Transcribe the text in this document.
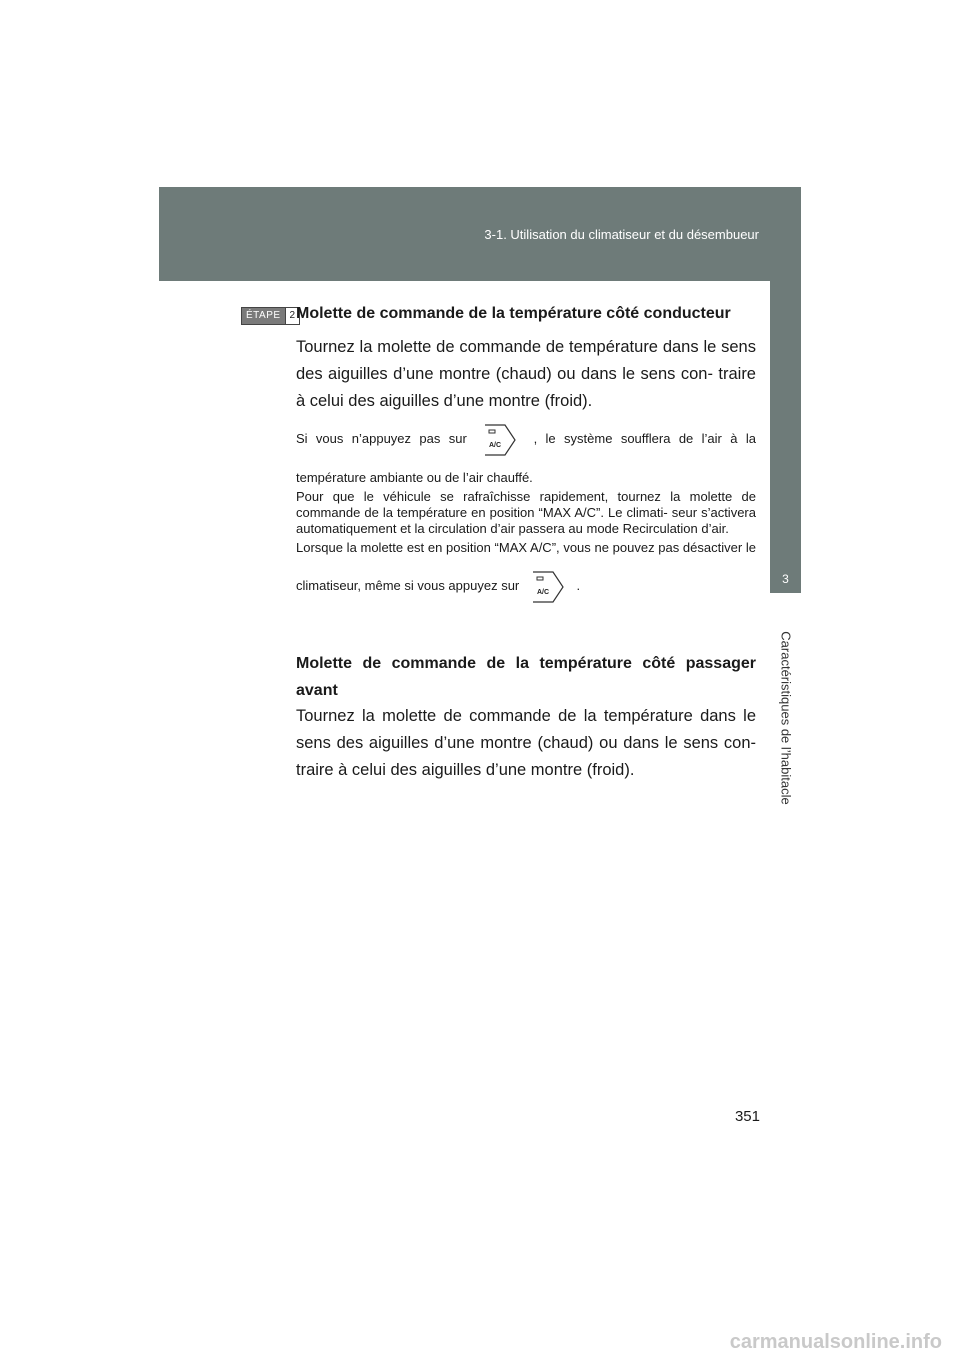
3-1. Utilisation du climatiseur et du désembueur
3
Caractéristiques de l’habitacle
ÉTAPE 2 Molette de commande de la température côté conducteur
Tournez la molette de commande de température dans le sens des aiguilles d’une montre (chaud) ou dans le sens con- traire à celui des aiguilles d’une montre (froid).
Si vous n’appuyez pas sur	A/C , le système soufflera de l’air à la température ambiante ou de l’air chauffé.
Pour que le véhicule se rafraîchisse rapidement, tournez la molette de commande de la température en position “MAX A/C”. Le climati- seur s’activera automatiquement et la circulation d’air passera au mode Recirculation d’air.
Lorsque la molette est en position “MAX A/C”, vous ne pouvez pas désactiver le climatiseur, même si vous appuyez sur	A/C .
Molette de commande de la température côté passager avant
Tournez la molette de commande de la température dans le sens des aiguilles d’une montre (chaud) ou dans le sens con- traire à celui des aiguilles d’une montre (froid).
351
carmanualsonline.info
